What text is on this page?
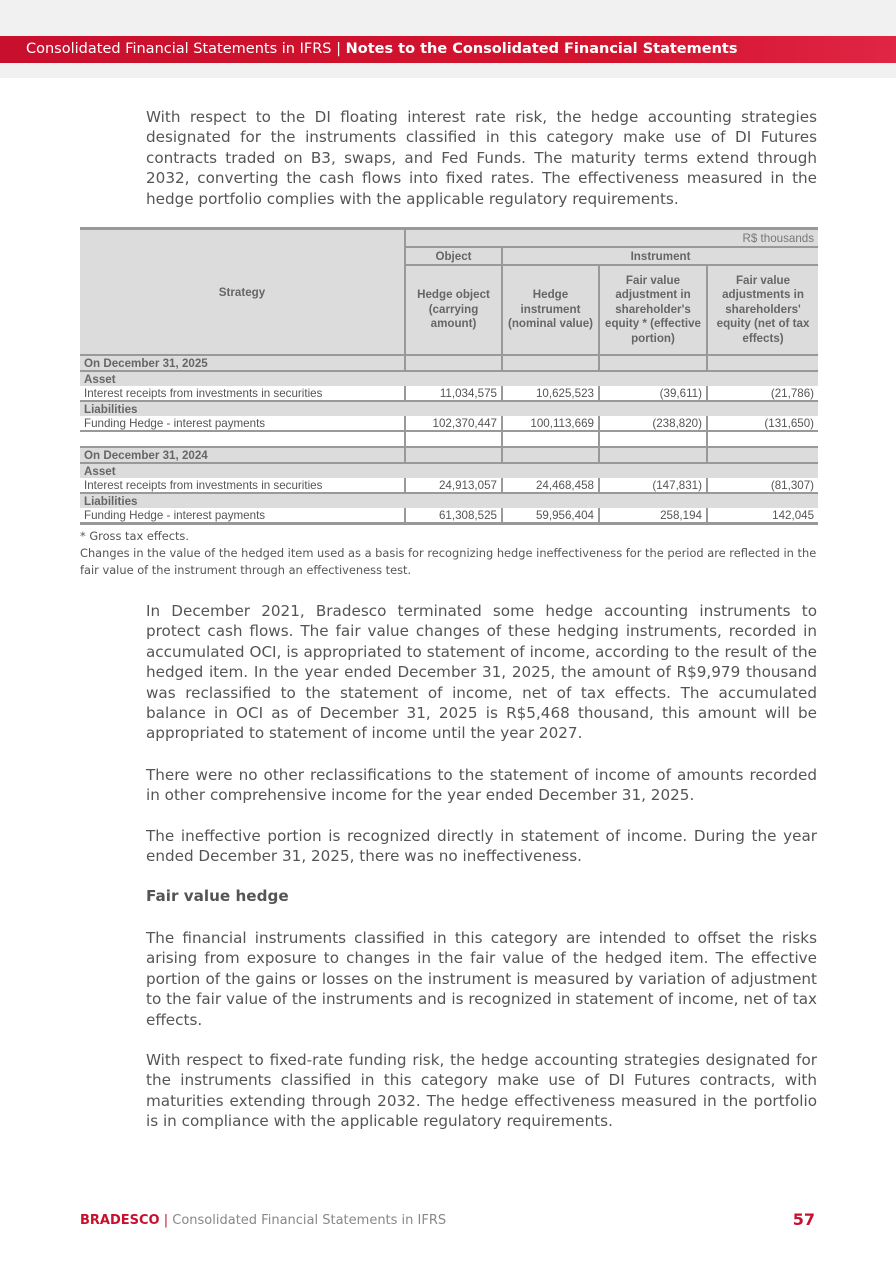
Consolidated Financial Statements in IFRS | Notes to the Consolidated Financial Statements
With respect to the DI floating interest rate risk, the hedge accounting strategies designated for the instruments classified in this category make use of DI Futures contracts traded on B3, swaps, and Fed Funds. The maturity terms extend through 2032, converting the cash flows into fixed rates. The effectiveness measured in the hedge portfolio complies with the applicable regulatory requirements.
Strategy	R$ thousands			
	Object	Instrument		
	Hedge object (carrying amount)	Hedge instrument (nominal value)	Fair value adjustment in shareholder's equity * (effective portion)	Fair value adjustments in shareholders' equity (net of tax effects)
On December 31, 2025				
Asset				
Interest receipts from investments in securities	11,034,575	10,625,523	(39,611)	(21,786)
Liabilities				
Funding Hedge - interest payments	102,370,447	100,113,669	(238,820)	(131,650)

On December 31, 2024				
Asset				
Interest receipts from investments in securities	24,913,057	24,468,458	(147,831)	(81,307)
Liabilities				
Funding Hedge - interest payments	61,308,525	59,956,404	258,194	142,045
* Gross tax effects.
Changes in the value of the hedged item used as a basis for recognizing hedge ineffectiveness for the period are reflected in the fair value of the instrument through an effectiveness test.
In December 2021, Bradesco terminated some hedge accounting instruments to protect cash flows. The fair value changes of these hedging instruments, recorded in accumulated OCI, is appropriated to statement of income, according to the result of the hedged item. In the year ended December 31, 2025, the amount of R$9,979 thousand was reclassified to the statement of income, net of tax effects. The accumulated balance in OCI as of December 31, 2025 is R$5,468 thousand, this amount will be appropriated to statement of income until the year 2027.
There were no other reclassifications to the statement of income of amounts recorded in other comprehensive income for the year ended December 31, 2025.
The ineffective portion is recognized directly in statement of income. During the year ended December 31, 2025, there was no ineffectiveness.
Fair value hedge
The financial instruments classified in this category are intended to offset the risks arising from exposure to changes in the fair value of the hedged item. The effective portion of the gains or losses on the instrument is measured by variation of adjustment to the fair value of the instruments and is recognized in statement of income, net of tax effects.
With respect to fixed-rate funding risk, the hedge accounting strategies designated for the instruments classified in this category make use of DI Futures contracts, with maturities extending through 2032. The hedge effectiveness measured in the portfolio is in compliance with the applicable regulatory requirements.
BRADESCO | Consolidated Financial Statements in IFRS	57
